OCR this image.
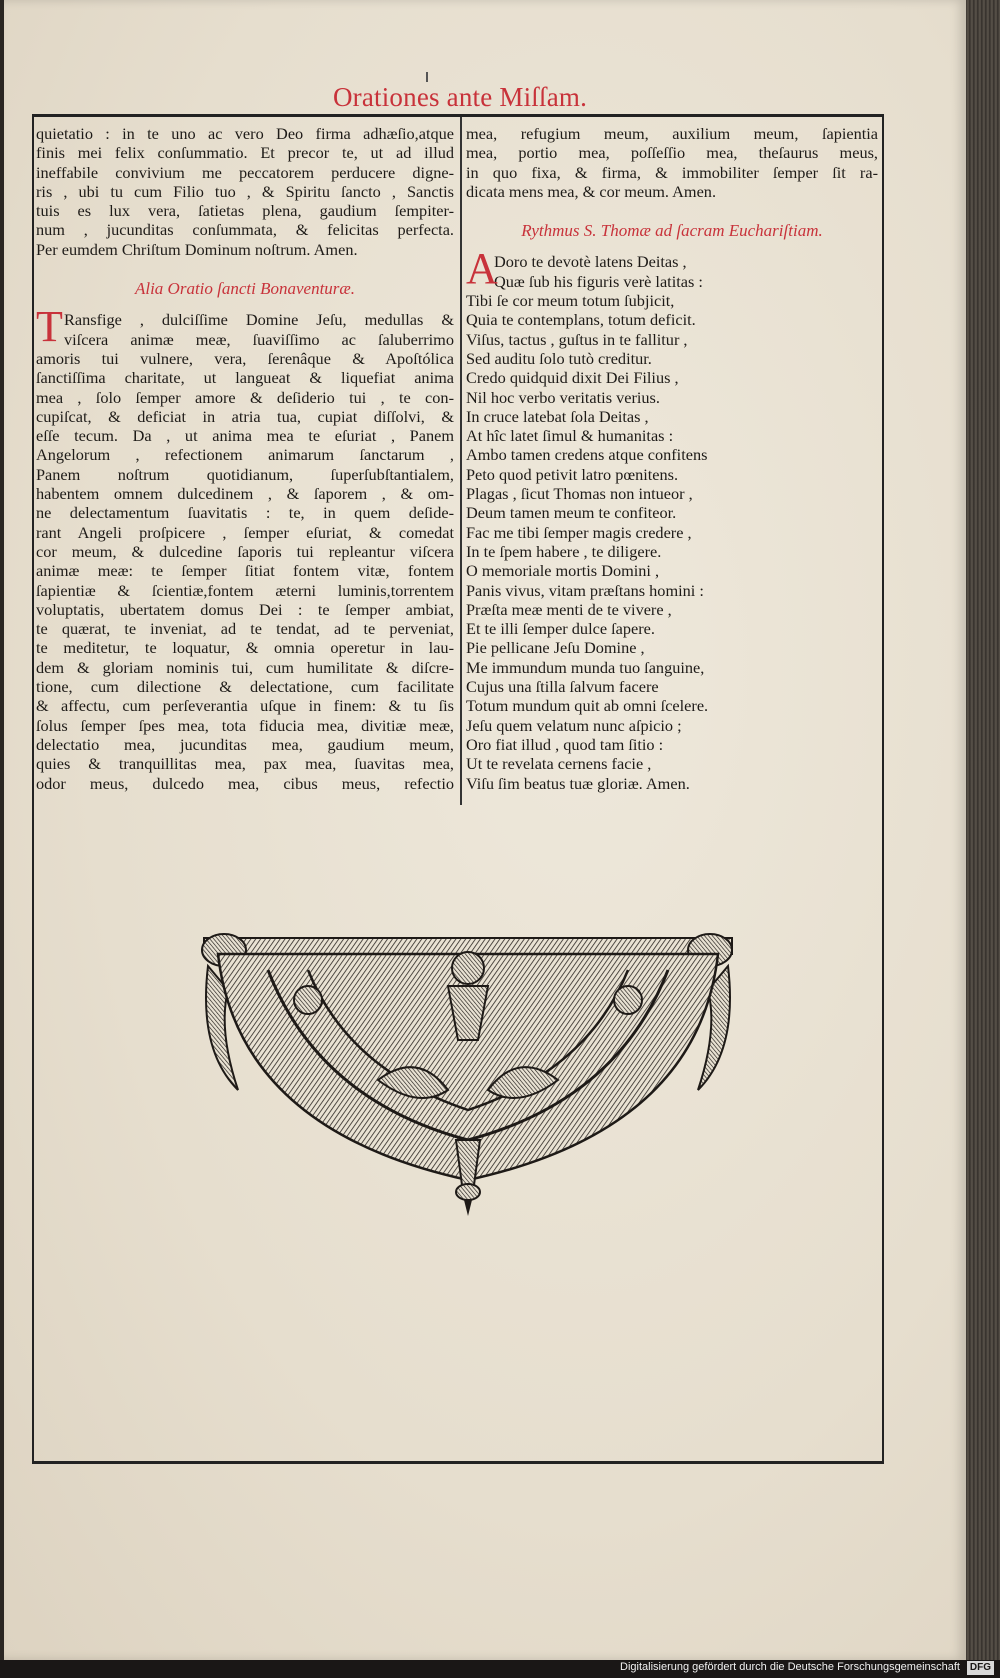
Orationes ante Miſſam.
quietatio : in te uno ac vero Deo firma adhæſio,atque
finis mei felix conſummatio. Et precor te, ut ad illud
ineffabile convivium me peccatorem perducere digne-
ris , ubi tu cum Filio tuo , & Spiritu ſancto , Sanctis
tuis es lux vera, ſatietas plena, gaudium ſempiter-
num , jucunditas conſummata, & felicitas perfecta.
Per eumdem Chriſtum Dominum noſtrum. Amen.
Alia Oratio ſancti Bonaventuræ.
T Ransfige , dulciſſime Domine Jeſu, medullas &
viſcera animæ meæ, ſuaviſſimo ac ſaluberrimo
amoris tui vulnere, vera, ſerenâque & Apoſtólica
ſanctiſſima charitate, ut langueat & liquefiat anima
mea , ſolo ſemper amore & deſiderio tui , te con-
cupiſcat, & deficiat in atria tua, cupiat diſſolvi, &
eſſe tecum. Da , ut anima mea te eſuriat , Panem
Angelorum , refectionem animarum ſanctarum ,
Panem noſtrum quotidianum, ſuperſubſtantialem,
habentem omnem dulcedinem , & ſaporem , & om-
ne delectamentum ſuavitatis : te, in quem deſide-
rant Angeli proſpicere , ſemper eſuriat, & comedat
cor meum, & dulcedine ſaporis tui repleantur viſcera
animæ meæ: te ſemper ſitiat fontem vitæ, fontem
ſapientiæ & ſcientiæ,fontem æterni luminis,torrentem
voluptatis, ubertatem domus Dei : te ſemper ambiat,
te quærat, te inveniat, ad te tendat, ad te perveniat,
te meditetur, te loquatur, & omnia operetur in lau-
dem & gloriam nominis tui, cum humilitate & diſcre-
tione, cum dilectione & delectatione, cum facilitate
& affectu, cum perſeverantia uſque in finem: & tu ſis
ſolus ſemper ſpes mea, tota fiducia mea, divitiæ meæ,
delectatio mea, jucunditas mea, gaudium meum,
quies & tranquillitas mea, pax mea, ſuavitas mea,
odor meus, dulcedo mea, cibus meus, refectio
mea, refugium meum, auxilium meum, ſapientia
mea, portio mea, poſſeſſio mea, theſaurus meus,
in quo fixa, & firma, & immobiliter ſemper ſit ra-
dicata mens mea, & cor meum. Amen.
Rythmus S. Thomæ ad ſacram Euchariſtiam.
A
Doro te devotè latens Deitas ,
Quæ ſub his figuris verè latitas :
Tibi ſe cor meum totum ſubjicit,
Quia te contemplans, totum deficit.
Viſus, tactus , guſtus in te fallitur ,
Sed auditu ſolo tutò creditur.
Credo quidquid dixit Dei Filius ,
Nil hoc verbo veritatis verius.
In cruce latebat ſola Deitas ,
At hîc latet ſimul & humanitas :
Ambo tamen credens atque confitens
Peto quod petivit latro pœnitens.
Plagas , ſicut Thomas non intueor ,
Deum tamen meum te confiteor.
Fac me tibi ſemper magis credere ,
In te ſpem habere , te diligere.
O memoriale mortis Domini ,
Panis vivus, vitam præſtans homini :
Præſta meæ menti de te vivere ,
Et te illi ſemper dulce ſapere.
Pie pellicane Jeſu Domine ,
Me immundum munda tuo ſanguine,
Cujus una ſtilla ſalvum facere
Totum mundum quit ab omni ſcelere.
Jeſu quem velatum nunc aſpicio ;
Oro fiat illud , quod tam ſitio :
Ut te revelata cernens facie ,
Viſu ſim beatus tuæ gloriæ. Amen.
Digitalisierung gefördert durch die Deutsche Forschungsgemeinschaft DFG
